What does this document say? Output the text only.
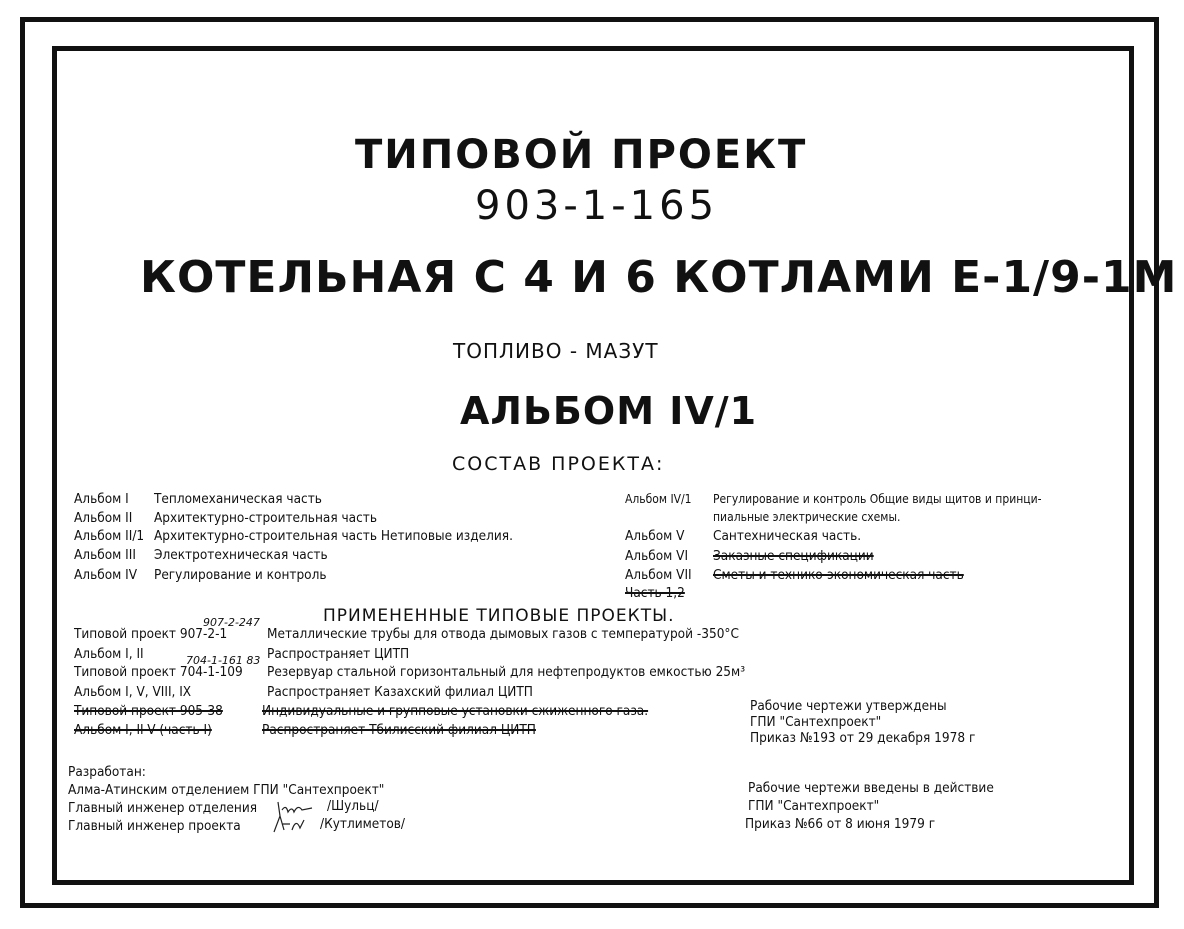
ТИПОВОЙ ПРОЕКТ
903-1-165
КОТЕЛЬНАЯ С 4 И 6 КОТЛАМИ Е-1/9-1М
ТОПЛИВО - МАЗУТ
АЛЬБОМ IV/1
СОСТАВ ПРОЕКТА:
Альбом I Тепломеханическая часть
Альбом II Архитектурно-строительная часть
Альбом II/1 Архитектурно-строительная часть Нетиповые изделия.
Альбом III Электротехническая часть
Альбом IV Регулирование и контроль
Альбом IV/1 Регулирование и контроль Общие виды щитов и принци-
пиальные электрические схемы.
Альбом V Сантехническая часть.
Альбом VI Заказные спецификации
Альбом VII Сметы и технико-экономическая часть
Часть 1,2
ПРИМЕНЕННЫЕ ТИПОВЫЕ ПРОЕКТЫ.
907-2-247
Типовой проект 907-2-1	Металлические трубы для отвода дымовых газов с температурой -350°С
Альбом I, II	Распространяет ЦИТП
704-1-161 83
Типовой проект 704-1-109 Резервуар стальной горизонтальный для нефтепродуктов емкостью 25м³
Альбом I, V, VIII, IX	Распространяет Казахский филиал ЦИТП
Типовой проект 905-38	Индивидуальные и групповые установки сжиженного газа.
Альбом I, II-V (часть I)	Распространяет Тбилисский филиал ЦИТП
Рабочие чертежи утверждены
ГПИ "Сантехпроект"
Приказ №193 от 29 декабря 1978 г
Разработан:
Алма-Атинским отделением ГПИ "Сантехпроект"
Главный инженер отделения	/Шульц/
Главный инженер проекта	/Кутлиметов/
Рабочие чертежи введены в действие
ГПИ "Сантехпроект"
Приказ №66 от 8 июня 1979 г
